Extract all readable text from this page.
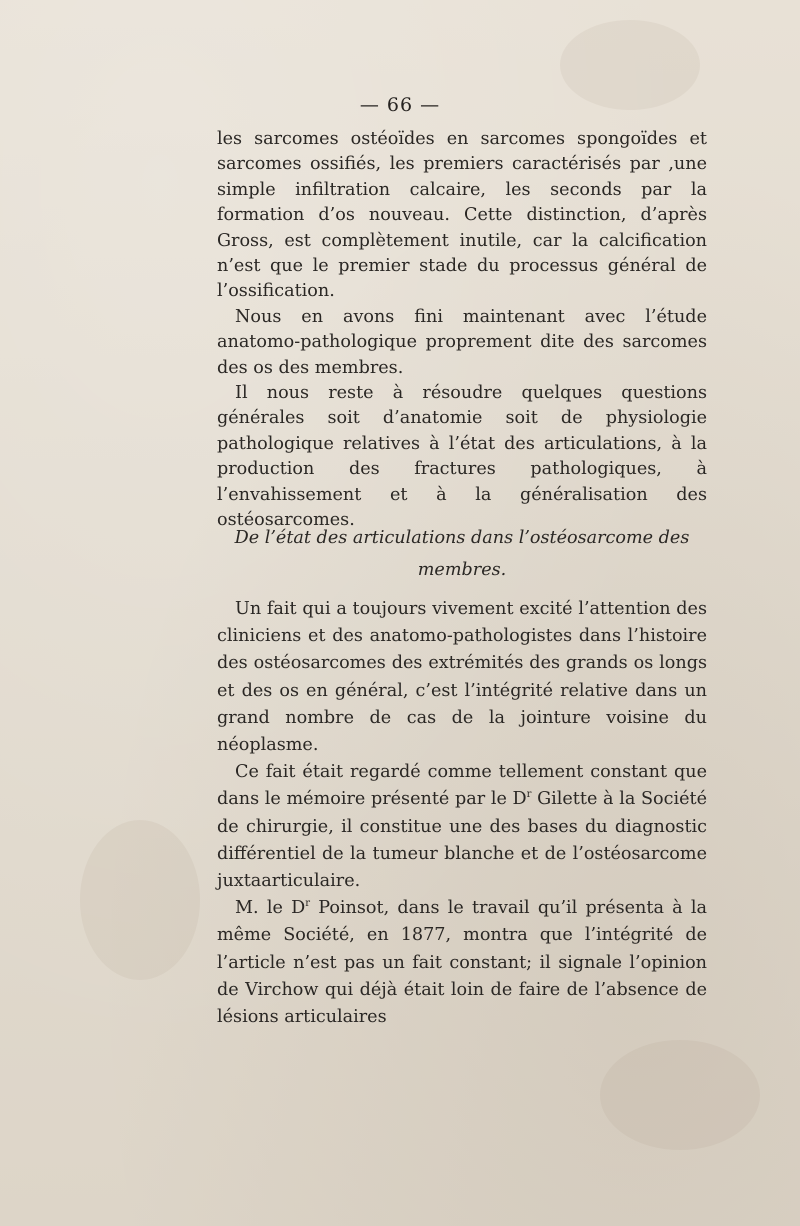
— 66 —

les sarcomes ostéoïdes en sarcomes spongoïdes et sarcomes ossifiés, les premiers caractérisés par ,une simple infiltration calcaire, les seconds par la formation d’os nouveau. Cette distinction, d’après Gross, est complètement inutile, car la calcification n’est que le premier stade du processus général de l’ossification.

Nous en avons fini maintenant avec l’étude anatomo-pathologique proprement dite des sarcomes des os des membres.

Il nous reste à résoudre quelques questions générales soit d’anatomie soit de physiologie pathologique relatives à l’état des articulations, à la production des fractures pathologiques, à l’envahissement et à la généralisation des ostéosarcomes.

De l’état des articulations dans l’ostéosarcome des
membres.

Un fait qui a toujours vivement excité l’attention des cliniciens et des anatomo-pathologistes dans l’histoire des ostéosarcomes des extrémités des grands os longs et des os en général, c’est l’intégrité relative dans un grand nombre de cas de la jointure voisine du néoplasme.

Ce fait était regardé comme tellement constant que dans le mémoire présenté par le $D^r$ Gilette à la Société de chirurgie, il constitue une des bases du diagnostic différentiel de la tumeur blanche et de l’ostéosarcome juxtaarticulaire.

M. le $D^r$ Poinsot, dans le travail qu’il présenta à la même Société, en 1877, montra que l’intégrité de l’article n’est pas un fait constant; il signale l’opinion de Virchow qui déjà était loin de faire de l’absence de lésions articulaires
